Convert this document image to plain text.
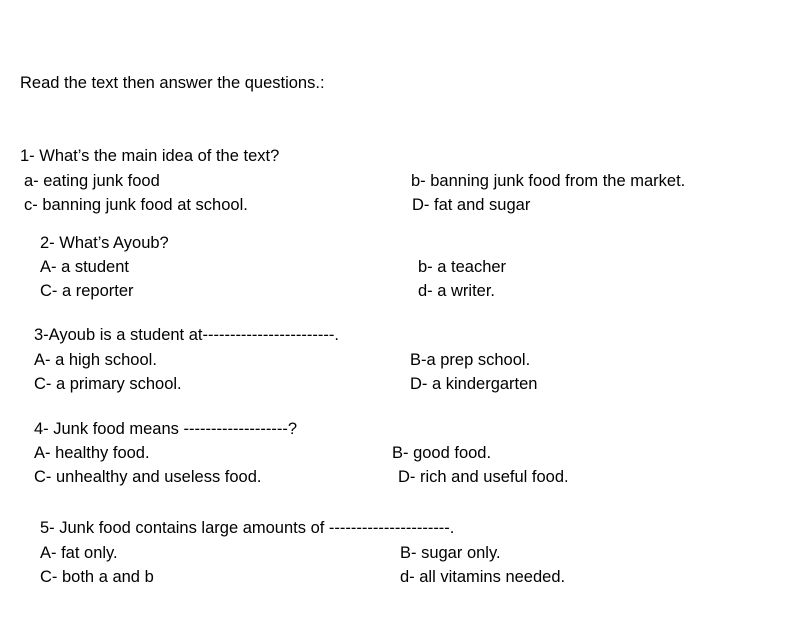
Read the text then answer the questions.:
1- What’s the main idea of the text?
a- eating junk food	b- banning junk food from the market.
c- banning junk food at school.	D- fat and sugar
2- What’s Ayoub?
A- a student	b- a teacher
C- a reporter	d- a writer.
3-Ayoub is a student at------------------------.
A- a high school.	B-a prep school.
C- a primary school.	D- a kindergarten
4- Junk food means -------------------?
A- healthy food.	B- good food.
C- unhealthy and useless food.	D- rich and useful food.
5- Junk food contains large amounts of ----------------------.
A- fat only.	B- sugar only.
C- both a and b	d- all vitamins needed.
